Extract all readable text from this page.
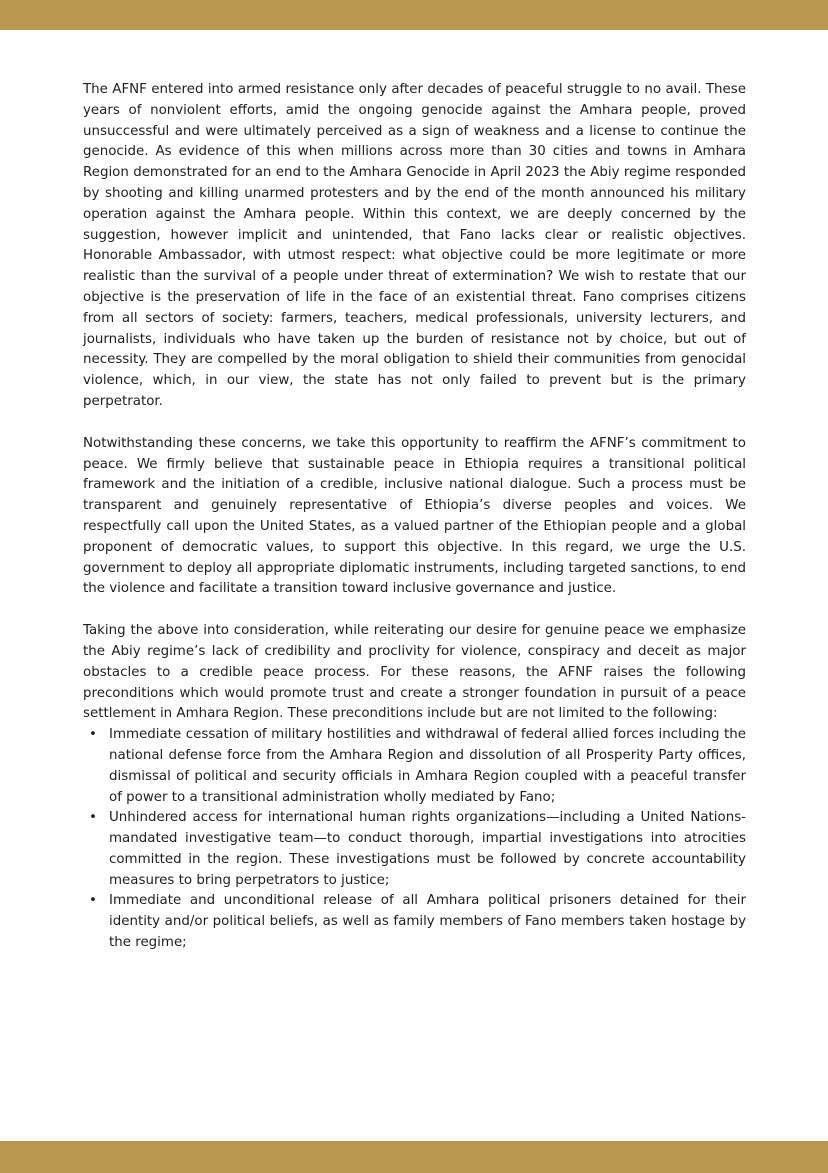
The AFNF entered into armed resistance only after decades of peaceful struggle to no avail. These years of nonviolent efforts, amid the ongoing genocide against the Amhara people, proved unsuccessful and were ultimately perceived as a sign of weakness and a license to continue the genocide. As evidence of this when millions across more than 30 cities and towns in Amhara Region demonstrated for an end to the Amhara Genocide in April 2023 the Abiy regime responded by shooting and killing unarmed protesters and by the end of the month announced his military operation against the Amhara people. Within this context, we are deeply concerned by the suggestion, however implicit and unintended, that Fano lacks clear or realistic objectives. Honorable Ambassador, with utmost respect: what objective could be more legitimate or more realistic than the survival of a people under threat of extermination? We wish to restate that our objective is the preservation of life in the face of an existential threat. Fano comprises citizens from all sectors of society: farmers, teachers, medical professionals, university lecturers, and journalists, individuals who have taken up the burden of resistance not by choice, but out of necessity. They are compelled by the moral obligation to shield their communities from genocidal violence, which, in our view, the state has not only failed to prevent but is the primary perpetrator.

Notwithstanding these concerns, we take this opportunity to reaffirm the AFNF’s commitment to peace. We firmly believe that sustainable peace in Ethiopia requires a transitional political framework and the initiation of a credible, inclusive national dialogue. Such a process must be transparent and genuinely representative of Ethiopia’s diverse peoples and voices. We respectfully call upon the United States, as a valued partner of the Ethiopian people and a global proponent of democratic values, to support this objective. In this regard, we urge the U.S. government to deploy all appropriate diplomatic instruments, including targeted sanctions, to end the violence and facilitate a transition toward inclusive governance and justice.

Taking the above into consideration, while reiterating our desire for genuine peace we emphasize the Abiy regime’s lack of credibility and proclivity for violence, conspiracy and deceit as major obstacles to a credible peace process. For these reasons, the AFNF raises the following preconditions which would promote trust and create a stronger foundation in pursuit of a peace settlement in Amhara Region. These preconditions include but are not limited to the following:

• Immediate cessation of military hostilities and withdrawal of federal allied forces including the national defense force from the Amhara Region and dissolution of all Prosperity Party offices, dismissal of political and security officials in Amhara Region coupled with a peaceful transfer of power to a transitional administration wholly mediated by Fano;
• Unhindered access for international human rights organizations—including a United Nations-mandated investigative team—to conduct thorough, impartial investigations into atrocities committed in the region. These investigations must be followed by concrete accountability measures to bring perpetrators to justice;
• Immediate and unconditional release of all Amhara political prisoners detained for their identity and/or political beliefs, as well as family members of Fano members taken hostage by the regime;
